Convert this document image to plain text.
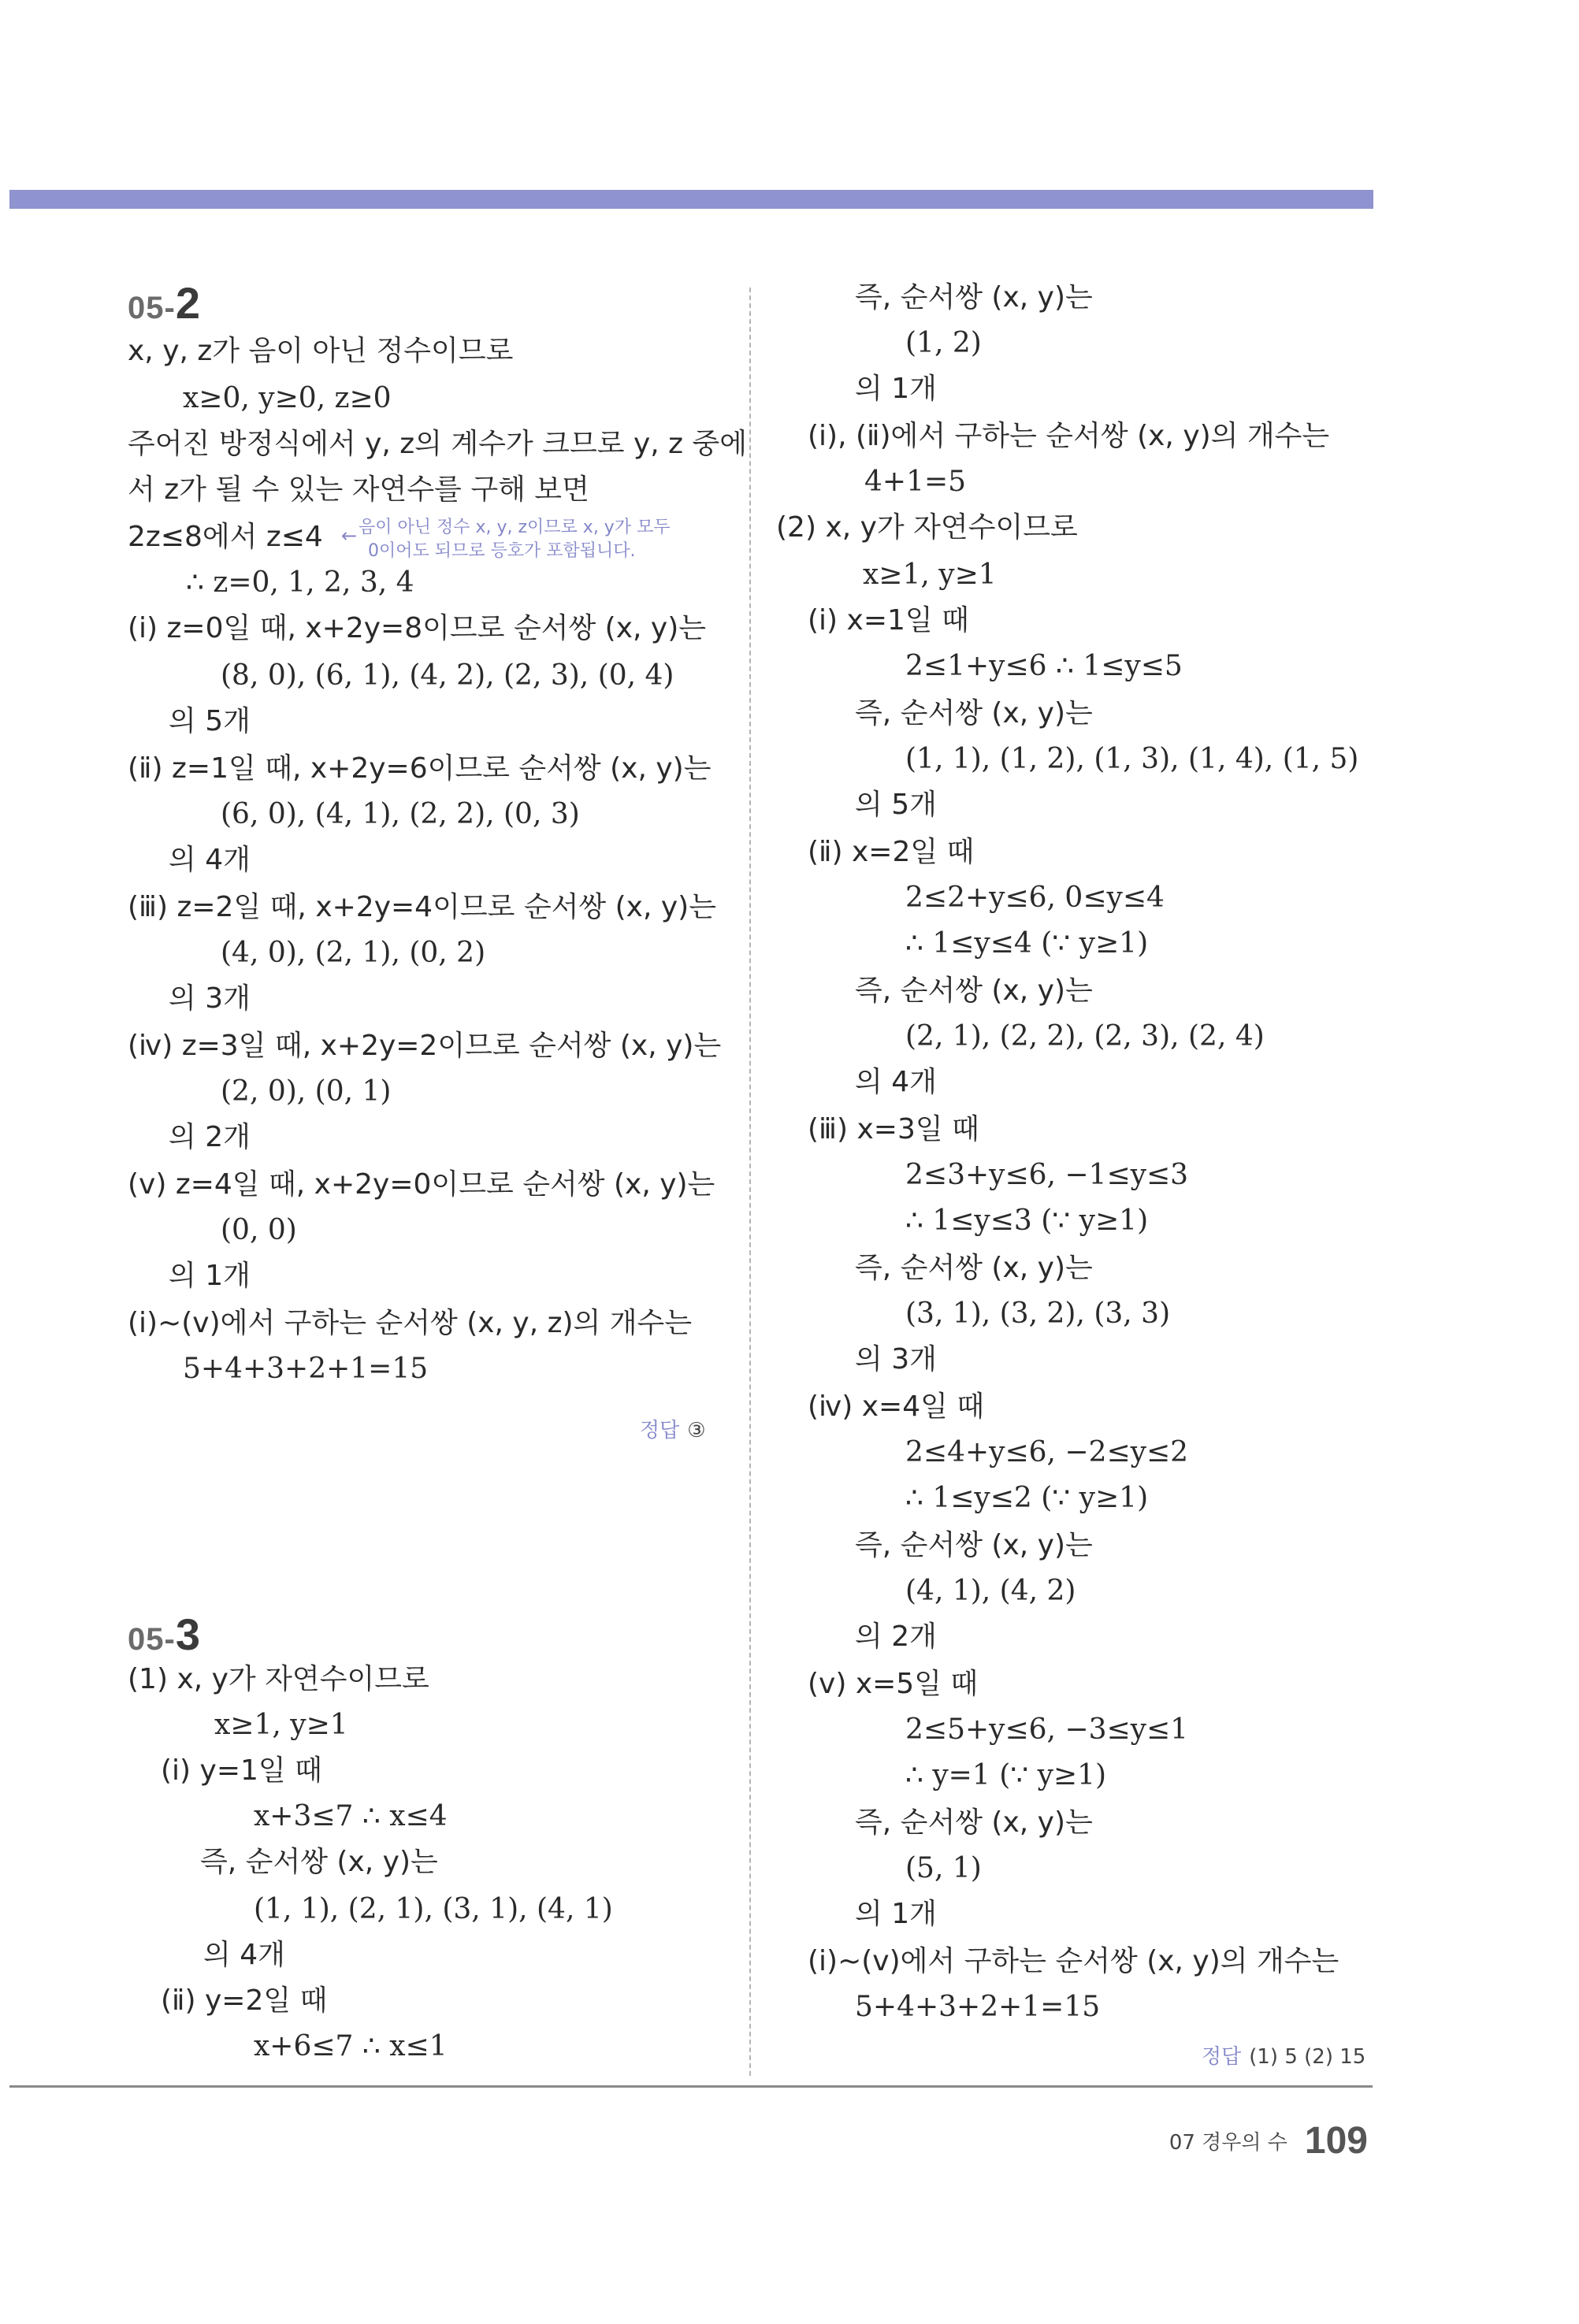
05-2
x, y, z가 음이 아닌 정수이므로
x≥0, y≥0, z≥0
주어진 방정식에서 y, z의 계수가 크므로 y, z 중에
서 z가 될 수 있는 자연수를 구해 보면
2z≤8에서 z≤4
∴ z=0, 1, 2, 3, 4
(ⅰ) z=0일 때, x+2y=8이므로 순서쌍 (x, y)는
(8, 0), (6, 1), (4, 2), (2, 3), (0, 4)
의 5개
(ⅱ) z=1일 때, x+2y=6이므로 순서쌍 (x, y)는
(6, 0), (4, 1), (2, 2), (0, 3)
의 4개
(ⅲ) z=2일 때, x+2y=4이므로 순서쌍 (x, y)는
(4, 0), (2, 1), (0, 2)
의 3개
(ⅳ) z=3일 때, x+2y=2이므로 순서쌍 (x, y)는
(2, 0), (0, 1)
의 2개
(ⅴ) z=4일 때, x+2y=0이므로 순서쌍 (x, y)는
(0, 0)
의 1개
(ⅰ)~(ⅴ)에서 구하는 순서쌍 (x, y, z)의 개수는
5+4+3+2+1=15
정답 ③
05-3
(1) x, y가 자연수이므로
x≥1, y≥1
(ⅰ) y=1일 때
x+3≤7 ∴ x≤4
즉, 순서쌍 (x, y)는
(1, 1), (2, 1), (3, 1), (4, 1)
의 4개
(ⅱ) y=2일 때
x+6≤7 ∴ x≤1
← 음이 아닌 정수 x, y, z이므로 x, y가 모두
0이어도 되므로 등호가 포함됩니다.
즉, 순서쌍 (x, y)는
(1, 2)
의 1개
(ⅰ), (ⅱ)에서 구하는 순서쌍 (x, y)의 개수는
4+1=5
(2) x, y가 자연수이므로
x≥1, y≥1
(ⅰ) x=1일 때
2≤1+y≤6 ∴ 1≤y≤5
즉, 순서쌍 (x, y)는
(1, 1), (1, 2), (1, 3), (1, 4), (1, 5)
의 5개
(ⅱ) x=2일 때
2≤2+y≤6, 0≤y≤4
∴ 1≤y≤4 (∵ y≥1)
즉, 순서쌍 (x, y)는
(2, 1), (2, 2), (2, 3), (2, 4)
의 4개
(ⅲ) x=3일 때
2≤3+y≤6, −1≤y≤3
∴ 1≤y≤3 (∵ y≥1)
즉, 순서쌍 (x, y)는
(3, 1), (3, 2), (3, 3)
의 3개
(ⅳ) x=4일 때
2≤4+y≤6, −2≤y≤2
∴ 1≤y≤2 (∵ y≥1)
즉, 순서쌍 (x, y)는
(4, 1), (4, 2)
의 2개
(ⅴ) x=5일 때
2≤5+y≤6, −3≤y≤1
∴ y=1 (∵ y≥1)
즉, 순서쌍 (x, y)는
(5, 1)
의 1개
(ⅰ)~(ⅴ)에서 구하는 순서쌍 (x, y)의 개수는
5+4+3+2+1=15
정답 (1) 5 (2) 15
07 경우의 수 109
